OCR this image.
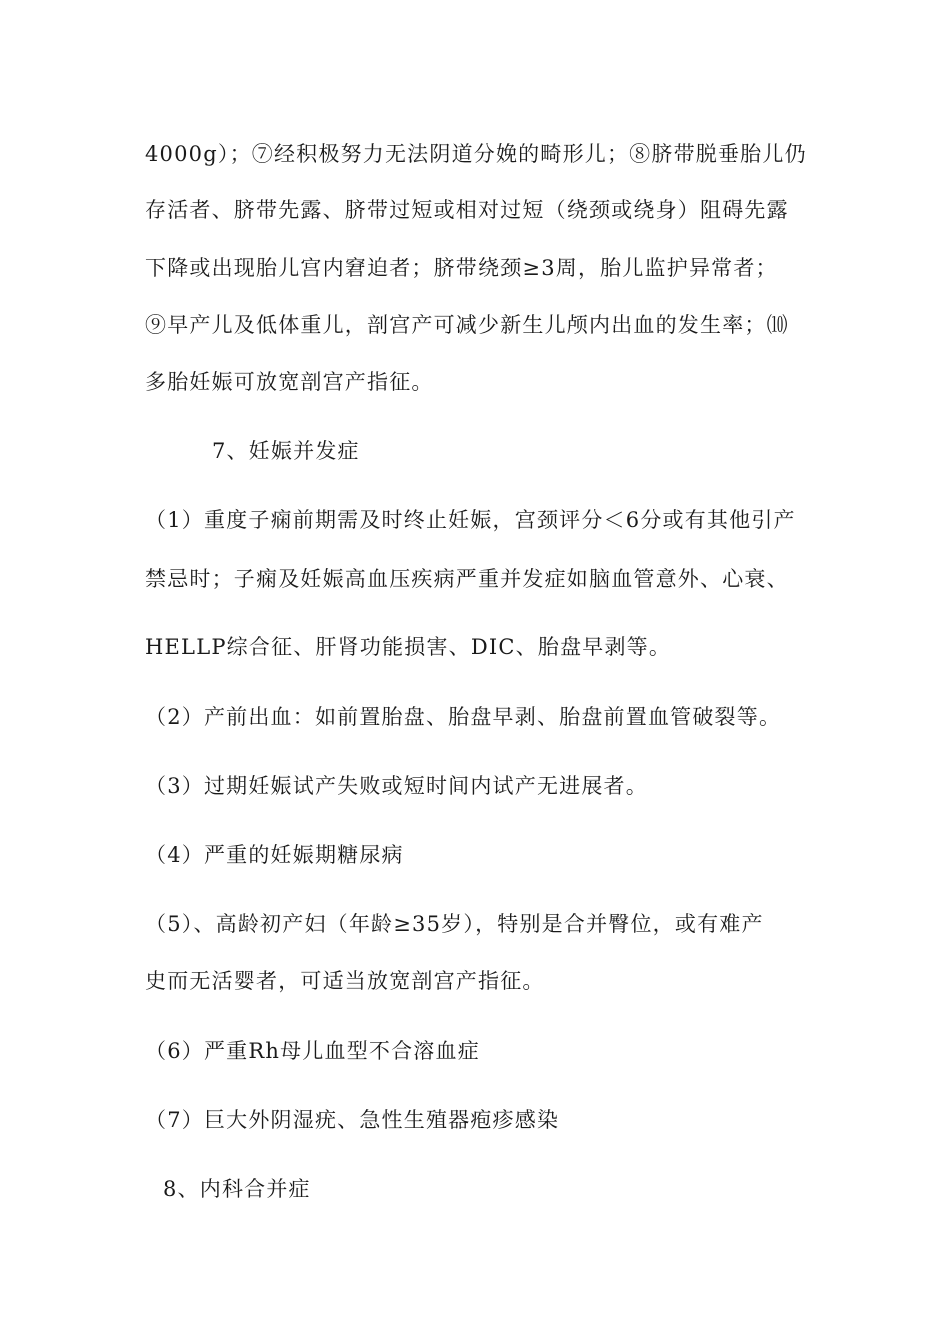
4000g）；⑦经积极努力无法阴道分娩的畸形儿；⑧脐带脱垂胎儿仍
存活者、脐带先露、脐带过短或相对过短（绕颈或绕身）阻碍先露
下降或出现胎儿宫内窘迫者；脐带绕颈≥3周，胎儿监护异常者；
⑨早产儿及低体重儿，剖宫产可减少新生儿颅内出血的发生率；⑽
多胎妊娠可放宽剖宫产指征。
7、妊娠并发症
（1）重度子痫前期需及时终止妊娠，宫颈评分＜6分或有其他引产
禁忌时；子痫及妊娠高血压疾病严重并发症如脑血管意外、心衰、
HELLP综合征、肝肾功能损害、DIC、胎盘早剥等。
（2）产前出血：如前置胎盘、胎盘早剥、胎盘前置血管破裂等。
（3）过期妊娠试产失败或短时间内试产无进展者。
（4）严重的妊娠期糖尿病
（5）、高龄初产妇（年龄≥35岁），特别是合并臀位，或有难产
史而无活婴者，可适当放宽剖宫产指征。
（6）严重Rh母儿血型不合溶血症
（7）巨大外阴湿疣、急性生殖器疱疹感染
8、内科合并症
